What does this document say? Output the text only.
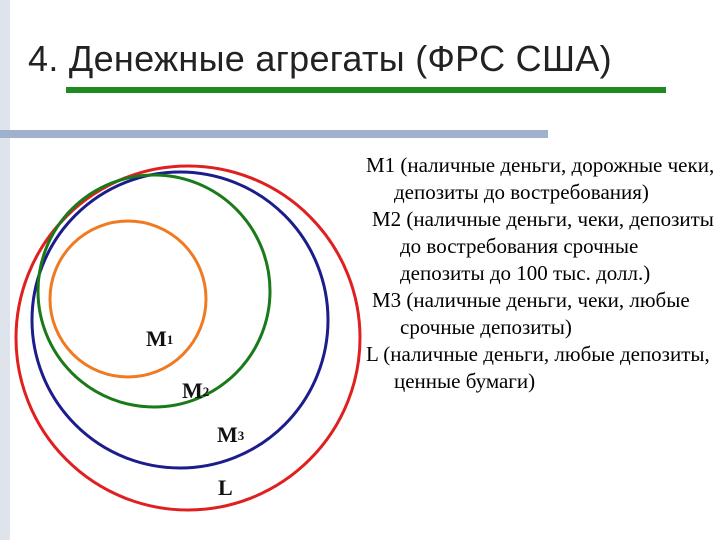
4. Денежные агрегаты (ФРС США)
М1
М2
М3
L

М1 (наличные деньги, дорожные чеки, депозиты до востребования)

М2 (наличные деньги, чеки, депозиты до востребования срочные депозиты до 100 тыс. долл.)

М3 (наличные деньги, чеки, любые срочные депозиты)

L (наличные деньги, любые депозиты, ценные бумаги)
